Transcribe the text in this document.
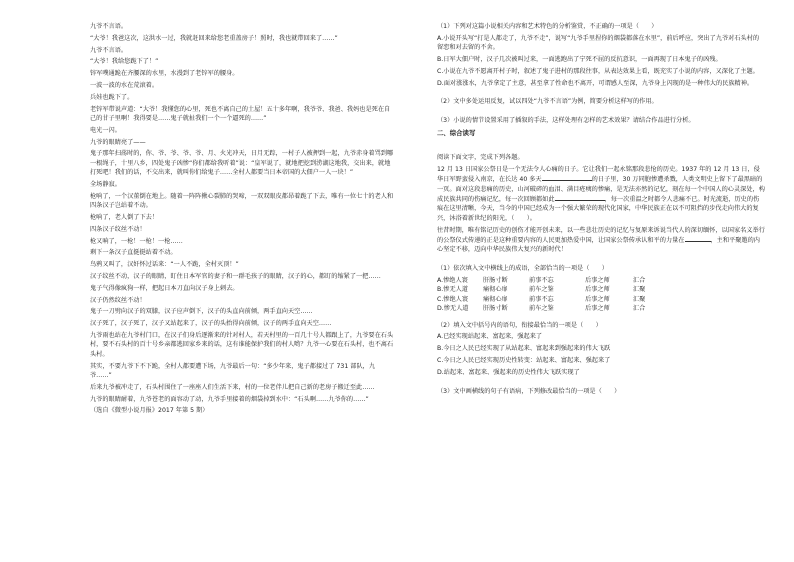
九爷不言语。

“大爷！我爸这次，这洪水一过，我就赶回来给您老重盖房子！照时，我也就带回来了……”

九爷不言语。

“大爷！我给您跪下了！”

锌军噗通跪在齐腰深的水里，水漫到了老锌军的腰身。

一波一波的水在荒滚着。

兵娃也跪下了。

老锌军带说声道：“大爷！我懂您的心里，死也不离自己的土屋！五十多年啊，我爷爷、我爸、我妈也是死在自己的甘子里啊！我得要是……鬼子就扯我们一个一个逼死的……”

电光一闪。

九爷的眼睛亮了——

鬼子那年扫荡时的，你、爷、爷、爷、爷、月、火光冲天，日月无踪，一村子人被押到一起，九爷赤身着骂到哪一根绳子，十里八乡，四处鬼子凶惨“你们都给我听着”说：“皇军说了，就地把挖到涝湖这地我，交出来，就地打死吧！我们的话，不交出来，就叫你们给鬼子……全村人都要当日本帝国的大佃户一人一块！”

全场静寂。

枪响了，一个汉董倒在地上。随着一阵阵揪心裂肺的哭啼，一双双眼皮都昂着跪了下去，唯有一位七十的老人和四条汉子岂站着不动。

枪响了，老人倒了下去！

四条汉子纹丝不动！

枪又响了，一枪！一枪！一枪……

剩下一条汉子直挺挺站着不动。

鸟鸦又叫了，汉奸怀过话来：“一人不跪，全村灭顶！”

汉子纹丝不动，汉子的眼睛，盯住日本军官的妻子和一群毛孩子的眼睛，汉子的心，都盯的缩紧了一把……

鬼子气得像疯狗一样，把起日本刀直向汉子身上刺去。

汉子仍然纹丝不动！

鬼子一刀劈向汉子的双膝，汉子应声倒下，汉子的头直向前倾，两手直向天空……

汉子死了，汉子死了，汉子又站起来了，汉子的头抬得向前倾，汉子的两手直向天空……

九爷雨也站在九爷村门口，在汉子们身后逐渐来的针对村人，若天村里的一百几十号人都跟上了，九爷要在石头村，要不石头村的百十号乡亲都逃回家乡来的话，这有谁能保护我们的村人哟？九爷一心要在石头村，也不离石头村。

其实，不要九爷下不下跪，全村人都要遭下场，九爷最后一句：“多少年来，鬼子都接过了 731 部队，九爷……”

后来九爷被冲走了，石头村围住了一座座人们生活下来，村的一位老伴儿把自己新的老房子搬迁至此……

九爷的眼睛耐着，九爷苍老的面容动了动，九爷手里接着的烟袋掉到水中：“石头啊……九爷你的……”

（选自《微型小说月报》2017 年第 5 期）

（1）下列对这篇小说相关内容和艺术特色的分析鉴赏，不正确的一项是（　　）

A.小说开头写“打是人都走了，九爷不走”，说写“九爷手里捏你的烟袋都落在水里”，前后呼应，突出了九爷对石头村的留恋和对去留的不舍。

B.日军大佃户时，汉子几次被叫过来，一面逃跑出了宁死不屈的反抗意识，一面再现了日本鬼子的凶残。

C.小说在九爷不愿离开村子时，叙述了鬼子进村的那段往事，从表达效果上看，既充实了小说的内容，又深化了主题。

D.面对涨涨水，九爷拿定了主意，甚至拿了性命也不离开，可谓感人至深，九爷身上闪现的是一种伟大的民族精神。

（2）文中多处运用反复，试以四处“九爷不言语”为例，简要分析这样写的作用。

（3）小说的情节设置采用了插叙的手法，这样处理有怎样的艺术效果？请结合作品进行分析。

二、综合读写

阅读下面文字，完成下列各题。

12 月 13 日国家公祭日是一个无法令人心痛的日子。它让我们一起永铭那段悲怆的历史。1937 年的 12 月 13 日，侵华日军野蛮侵入南京，在长达 40 多天	的日子里，30 万同胞惨遭杀戮，人类文明史上留下了最黑暗的一页。面对这段悲痛的历史，山河破碎的血泪、满目疮痍的惨痛，是无法亦然的记忆，刻在每一个中国人的心灵深处，构成民族共同的伤痛记忆，每一次回顾都如此	，每一次重温之时都令人悲痛不已。时光流逝，历史的伤痕在这里清晰，今天，当今的中国已经成为一个强大繁荣的现代化国家，中华民族正在以不可阻挡的步伐走向伟大的复兴，沐浴着新世纪的阳光，（　　）。

往昔时期，唯有铭记历史的创伤才能开创未来，以一些悲壮历史的记忆与复原来诉说当代人的深切缅怀，以国家名义举行的公祭仪式传递的正是这种重要内容的人民更加热爱中国，让国家公祭传承认和平的力量在	，主和平聚邀的内心坚定不移，迈向中华民族伟大复兴的新时代！

（1）依次填入文中横线上的成语，全部恰当的一项是（　　）

A.惨绝人寰	肝肠寸断	前事不忘	后事之师	汇合
B.惨无人道	痛彻心扉	前车之鉴	后事之师	汇聚
C.惨绝人寰	痛彻心扉	前事不忘	后事之师	汇聚
D.惨无人道	肝肠寸断	前车之鉴	后事之师	汇合

（2）填入文中括号内的语句，衔接最恰当的一项是（　　）

A.已经实现站起来、富起来，强起来了

B.今日之人民已经实现了从站起来、富起来到强起来的伟大飞跃

C.今日之人民已经实现历史性转变：站起来、富起来、强起来了

D.站起来、富起来、强起来的历史性伟大飞跃实现了

（3）文中画横线的句子有语病，下列修改最恰当的一项是（　　）
